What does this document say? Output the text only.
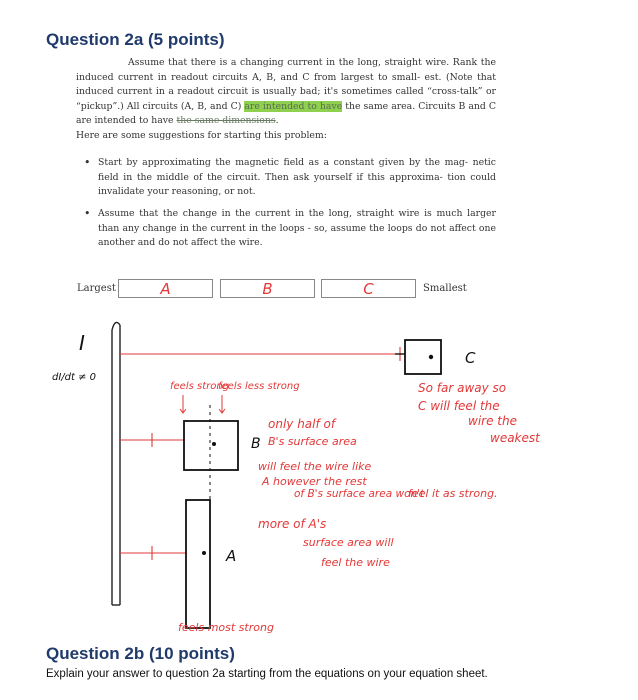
Question 2a (5 points)
Assume that there is a changing current in the long, straight wire. Rank the induced current in readout circuits A, B, and C from largest to small- est. (Note that induced current in a readout circuit is usually bad; it's sometimes called “cross-talk” or “pickup”.) All circuits (A, B, and C) are intended to have the same area. Circuits B and C are intended to have the same dimensions.
Here are some suggestions for starting this problem:
• Start by approximating the magnetic field as a constant given by the mag- netic field in the middle of the circuit. Then ask yourself if this approxima- tion could invalidate your reasoning, or not.
• Assume that the change in the current in the long, straight wire is much larger than any change in the current in the loops - so, assume the loops do not affect one another and do not affect the wire.
Largest	A	B	C	Smallest
I
dI/dt ≠ 0
C
B
A
feels strong
feels less strong	So far away so
C will feel the
wire the
weakest
only half of
B's surface area
will feel the wire like
A however the rest
of B's surface area won't
feel it as strong.
more of A's
surface area will
feel the wire
feels most strong
Question 2b (10 points)
Explain your answer to question 2a starting from the equations on your equation sheet.
